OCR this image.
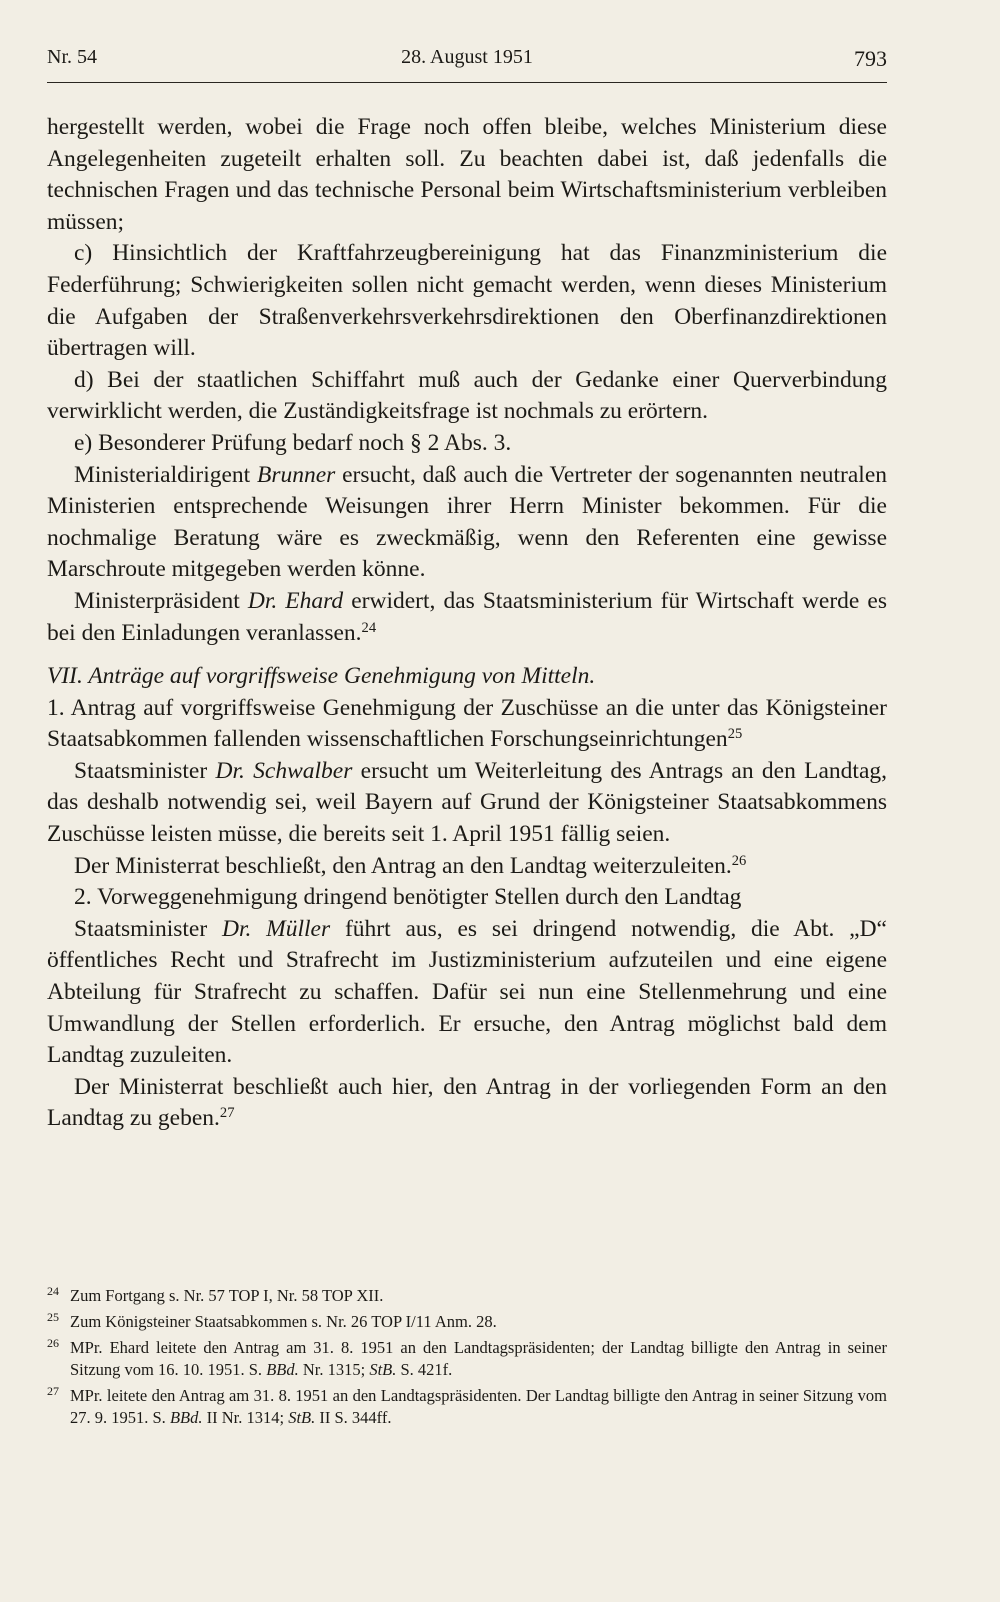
Nr. 54	28. August 1951	793

hergestellt werden, wobei die Frage noch offen bleibe, welches Ministerium diese Angelegenheiten zugeteilt erhalten soll. Zu beachten dabei ist, daß jedenfalls die technischen Fragen und das technische Personal beim Wirtschaftsministerium verbleiben müssen;

c) Hinsichtlich der Kraftfahrzeugbereinigung hat das Finanzministerium die Federführung; Schwierigkeiten sollen nicht gemacht werden, wenn dieses Ministerium die Aufgaben der Straßenverkehrsverkehrsdirektionen den Oberfinanzdirektionen übertragen will.

d) Bei der staatlichen Schiffahrt muß auch der Gedanke einer Querverbindung verwirklicht werden, die Zuständigkeitsfrage ist nochmals zu erörtern.

e) Besonderer Prüfung bedarf noch § 2 Abs. 3.

Ministerialdirigent Brunner ersucht, daß auch die Vertreter der sogenannten neutralen Ministerien entsprechende Weisungen ihrer Herrn Minister bekommen. Für die nochmalige Beratung wäre es zweckmäßig, wenn den Referenten eine gewisse Marschroute mitgegeben werden könne.

Ministerpräsident Dr. Ehard erwidert, das Staatsministerium für Wirtschaft werde es bei den Einladungen veranlassen.$^{24}$

VII. Anträge auf vorgriffsweise Genehmigung von Mitteln.

1. Antrag auf vorgriffsweise Genehmigung der Zuschüsse an die unter das Königsteiner Staatsabkommen fallenden wissenschaftlichen Forschungseinrichtungen$^{25}$

Staatsminister Dr. Schwalber ersucht um Weiterleitung des Antrags an den Landtag, das deshalb notwendig sei, weil Bayern auf Grund der Königsteiner Staatsabkommens Zuschüsse leisten müsse, die bereits seit 1. April 1951 fällig seien.

Der Ministerrat beschließt, den Antrag an den Landtag weiterzuleiten.$^{26}$

2. Vorweggenehmigung dringend benötigter Stellen durch den Landtag

Staatsminister Dr. Müller führt aus, es sei dringend notwendig, die Abt. „D“ öffentliches Recht und Strafrecht im Justizministerium aufzuteilen und eine eigene Abteilung für Strafrecht zu schaffen. Dafür sei nun eine Stellenmehrung und eine Umwandlung der Stellen erforderlich. Er ersuche, den Antrag möglichst bald dem Landtag zuzuleiten.

Der Ministerrat beschließt auch hier, den Antrag in der vorliegenden Form an den Landtag zu geben.$^{27}$

24 Zum Fortgang s. Nr. 57 TOP I, Nr. 58 TOP XII.

25 Zum Königsteiner Staatsabkommen s. Nr. 26 TOP I/11 Anm. 28.

26 MPr. Ehard leitete den Antrag am 31. 8. 1951 an den Landtagspräsidenten; der Landtag billigte den Antrag in seiner Sitzung vom 16. 10. 1951. S. BBd. Nr. 1315; StB. S. 421f.

27 MPr. leitete den Antrag am 31. 8. 1951 an den Landtagspräsidenten. Der Landtag billigte den Antrag in seiner Sitzung vom 27. 9. 1951. S. BBd. II Nr. 1314; StB. II S. 344ff.
